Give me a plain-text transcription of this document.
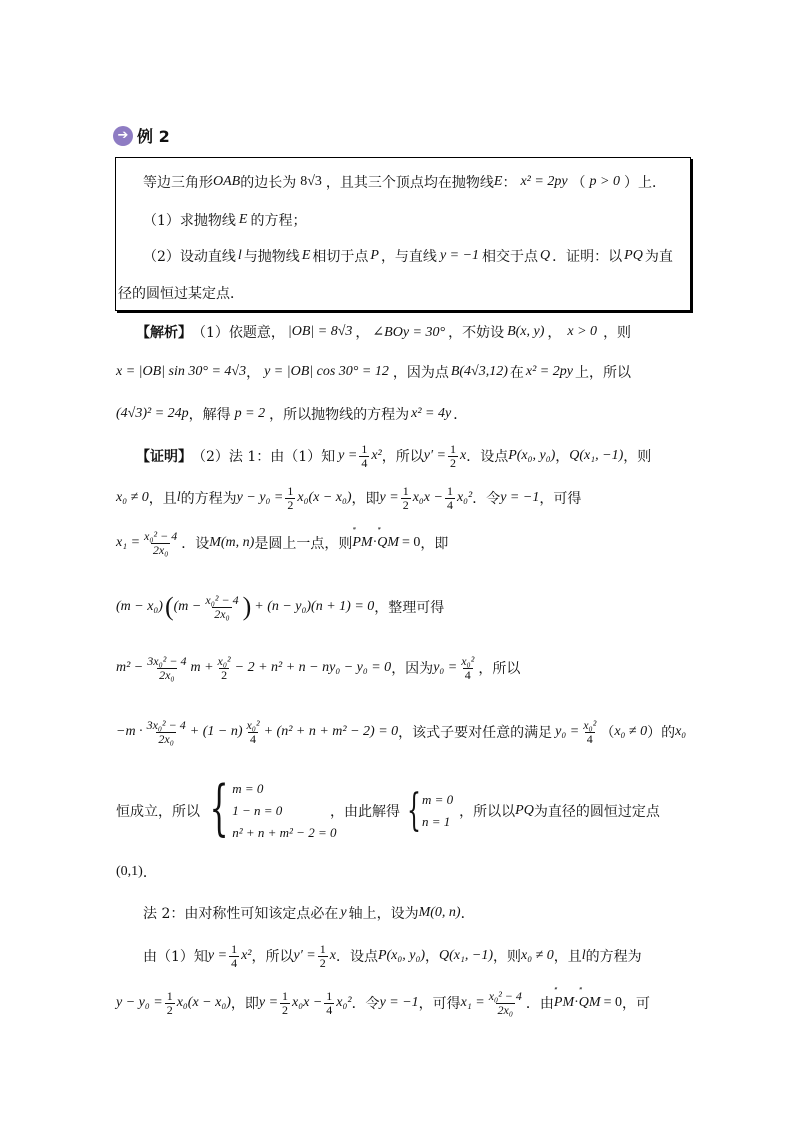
➔ 例 2
等边三角形 OAB 的边长为 8√3 ，且其三个顶点均在抛物线 E ： x² = 2py （ p > 0 ）上．
（1）求抛物线 E 的方程；
（2）设动直线 l 与抛物线 E 相切于点 P ，与直线 y = −1 相交于点 Q ．证明：以 PQ 为直
径的圆恒过某定点．
【解析】 （1）依题意， |OB| = 8√3 ， ∠BOy = 30° ，不妨设 B(x, y) ， x > 0 ，则
x = |OB| sin 30° = 4√3 ， y = |OB| cos 30° = 12 ，因为点 B(4√3,12) 在 x² = 2py 上，所以
(4√3)² = 24p ，解得 p = 2 ，所以抛物线的方程为 x² = 4y ．
【证明】 （2）法 1：由（1）知 $y = \frac{1}{4} x^2$ ，所以 $y' = \frac{1}{2}$ x ．设点 P(x₀, y₀) ， Q(x₁, −1) ，则
x₀ ≠ 0 ，且 l 的方程为 $y - y_0 = \frac{1}{2} x_0(x - x_0)$ ，即 $y = \frac{1}{2} x_0x - \frac{1}{4} x_0^2$ ．令 y = −1 ，可得
$x_1 = \frac{\text{x₀² − 4}}{\text{2x₀}}$ ．设 M(m, n) 是圆上一点，则 ′′′ PM · ′′′ QM = 0 ，即
(m − x₀) ( ($m - \frac{\text{x₀² − 4}}{\text{2x₀}}$ ) + (n − y₀)(n + 1) = 0 ，整理可得
$m^2 - \frac{\text{3x₀² − 4}}{\text{2x₀}}$ $m + \frac{\text{x₀²}}{2} - 2 + n^2 + n - ny_0 - y_0 = 0$ ，因为 $y_0 = \frac{\text{x₀²}}{4}$ ，所以
$-m \cdot \frac{\text{3x₀² − 4}}{\text{2x₀}} + (1 - n) \frac{\text{x₀²}}{4} + (n^2 + n + m^2 - 2) = 0$ ，该式子要对任意的满足 $y_0 = \frac{\text{x₀²}}{4}$ （ x₀ ≠ 0 ）的 x₀
恒成立，所以 { m = 0
1 − n = 0
n² + n + m² − 2 = 0
，由此解得 { m = 0
n = 1
，所以以 PQ 为直径的圆恒过定点
(0,1) ．
法 2：由对称性可知该定点必在 y 轴上，设为 M(0, n) ．
由（1）知 $y = \frac{1}{4} x^2$ ，所以 $y' = \frac{1}{2}$ x ．设点 P(x₀, y₀) ， Q(x₁, −1) ，则 x₀ ≠ 0 ，且 l 的方程为
$y - y_0 = \frac{1}{2} x_0(x - x_0)$ ，即 $y = \frac{1}{2} x_0x - \frac{1}{4} x_0^2$ ．令 y = −1 ，可得 $x_1 = \frac{\text{x₀² − 4}}{\text{2x₀}}$ ．由 ′′′ PM · ′′′ QM = 0 ，可
